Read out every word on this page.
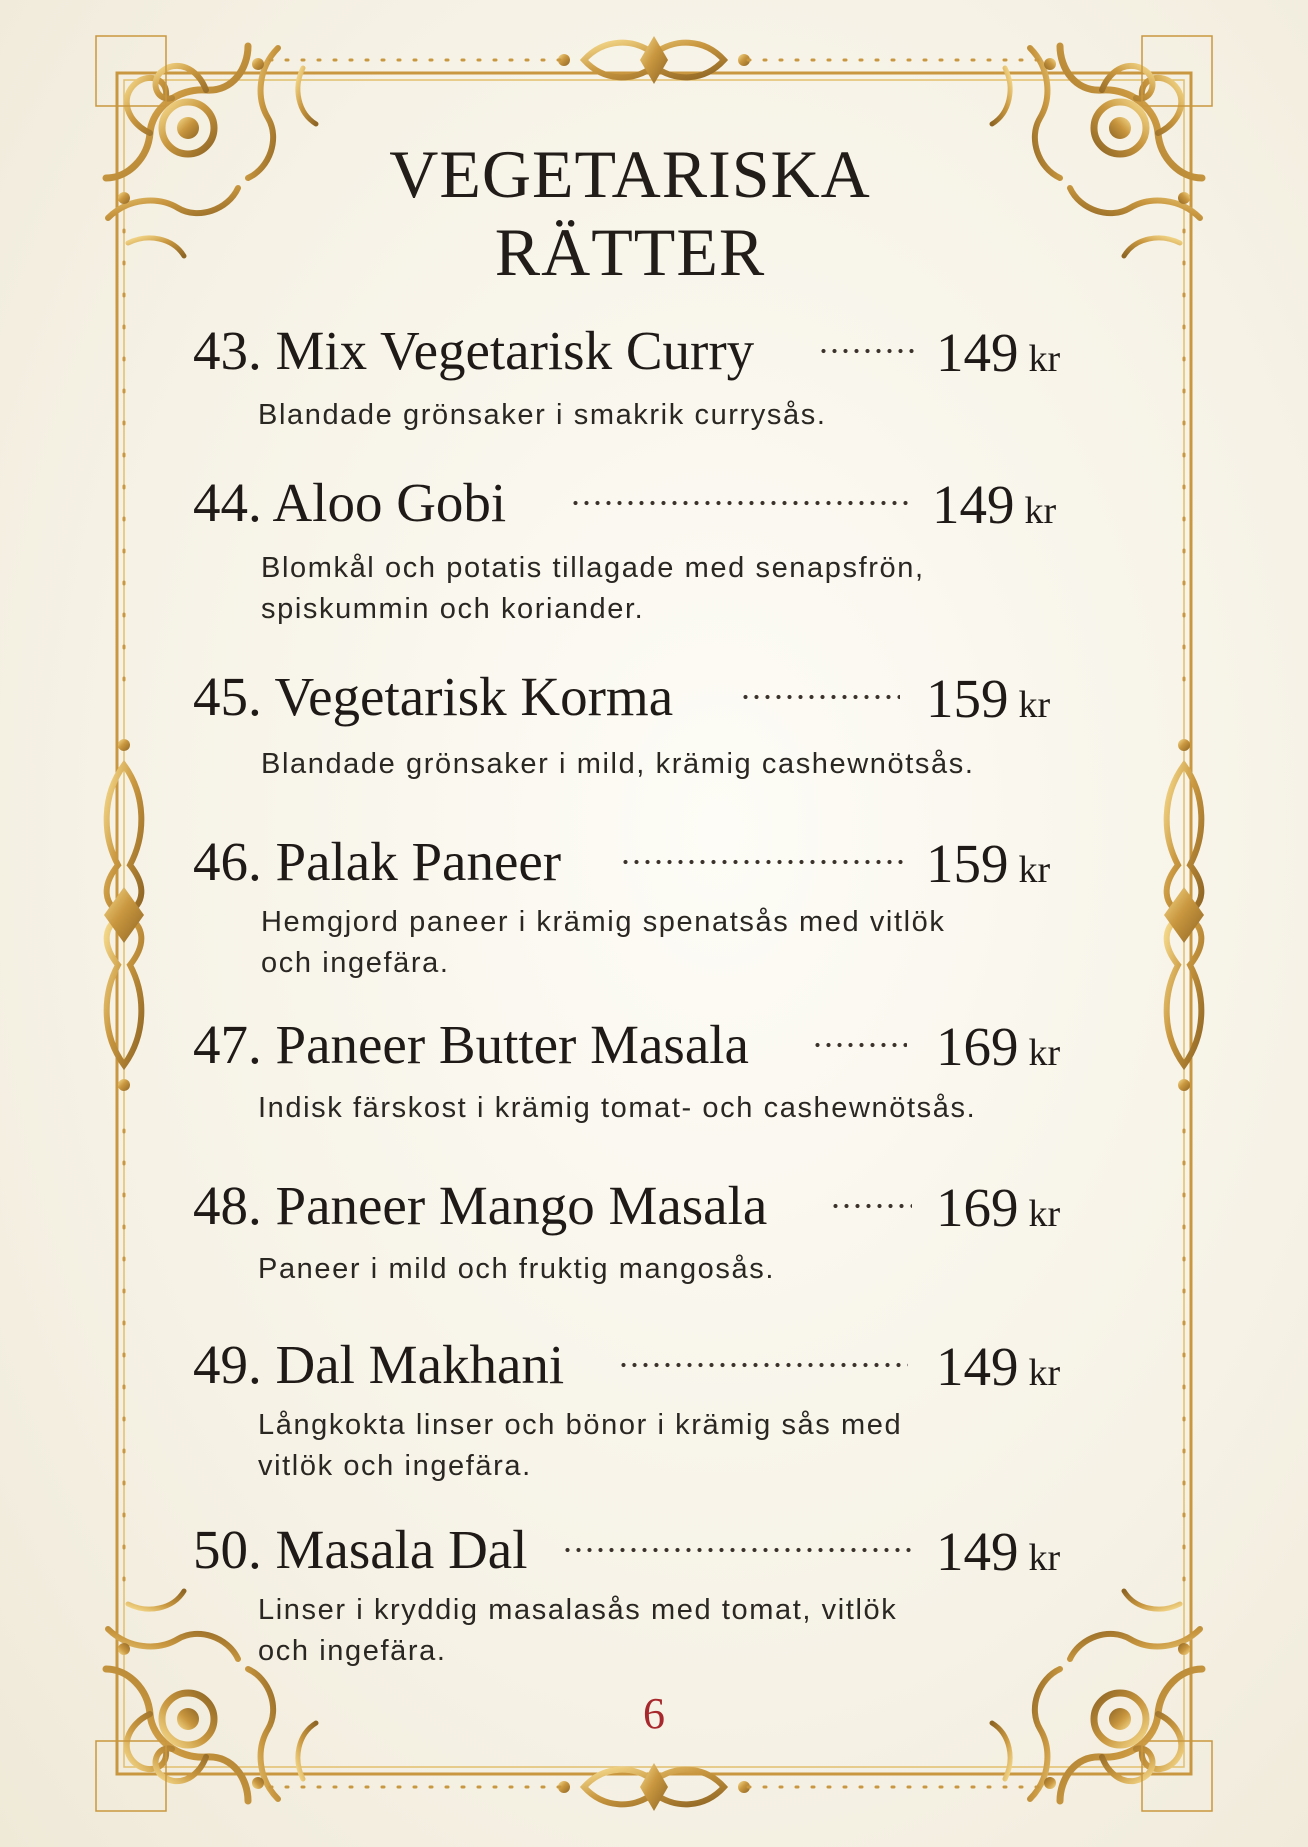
VEGETARISKA
RÄTTER
43. Mix Vegetarisk Curry	149 kr
Blandade grönsaker i smakrik currysås.
44. Aloo Gobi	149 kr
Blomkål och potatis tillagade med senapsfrön,
spiskummin och koriander.
45. Vegetarisk Korma	159 kr
Blandade grönsaker i mild, krämig cashewnötsås.
46. Palak Paneer	159 kr
Hemgjord paneer i krämig spenatsås med vitlök
och ingefära.
47. Paneer Butter Masala	169 kr
Indisk färskost i krämig tomat- och cashewnötsås.
48. Paneer Mango Masala	169 kr
Paneer i mild och fruktig mangosås.
49. Dal Makhani	149 kr
Långkokta linser och bönor i krämig sås med
vitlök och ingefära.
50. Masala Dal	149 kr
Linser i kryddig masalasås med tomat, vitlök
och ingefära.
6
